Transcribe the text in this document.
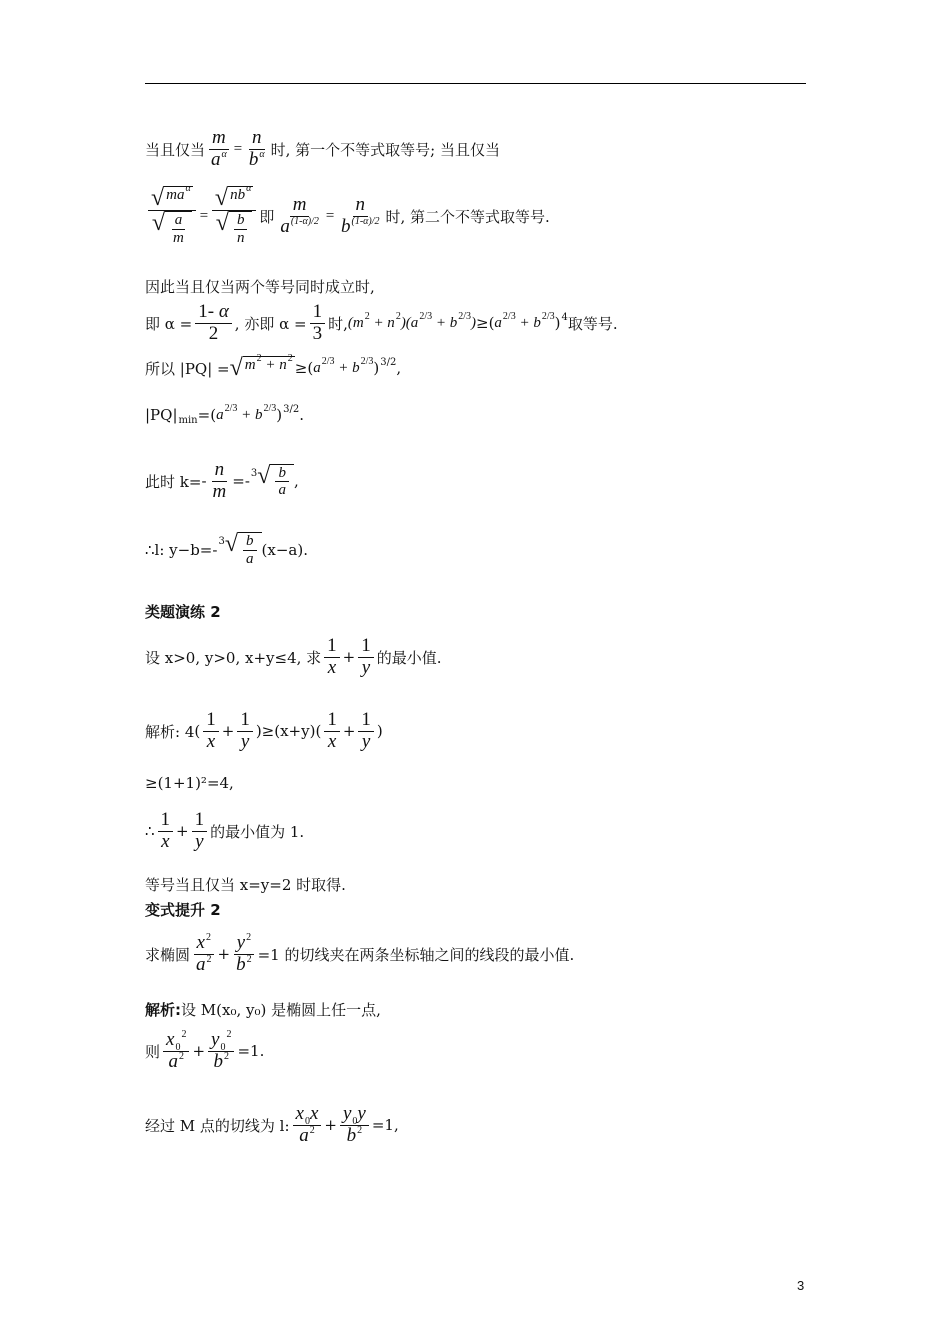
当且仅当 $\frac{m}{a^\alpha} = \frac{n}{b^\alpha}$ 时, 第一个不等式取等号; 当且仅当
$\frac{√ ma^\alpha}{√ \frac{a}{m}} = \frac{√ nb^\alpha}{√ \frac{b}{n}}$ 即 $\frac{m}{a^{(1-\alpha)/2}} = \frac{n}{b^{(1-\alpha)/2}}$ 时, 第二个不等式取等号.
因此当且仅当两个等号同时成立时,
即 $\alpha = \frac{1- \alpha}{2}$ , 亦即 $\alpha = \frac{1}{3}$ 时, $(m^2 + n^2)(a^{2/3} + b^{2/3})$ ≥( $a^{2/3} + b^{2/3}$ )$^4$ 取等号.
所以 |PQ| = √ $m^2 + n^2$
≥ ( $a^{2/3} + b^{2/3}$ )$^{3/2}$,
|PQ| min = ( $a^{2/3} + b^{2/3}$ )$^{3/2}$.
此时 $k= - \frac{n}{m} =- 3$ √ $\frac{b}{a}$ ,
∴l: y−b= - 3 √ $\frac{b}{a} (x-a)$.
类题演练 2
设 x>0, y>0, x+y≤4, 求 $\frac{1}{x} + \frac{1}{y}$ 的最小值.
解析: 4 ( $\frac{1}{x} + \frac{1}{y}$ ) ≥(x+y) ( $\frac{1}{x} + \frac{1}{y}$ )
≥(1+1)²=4,
∴ $\frac{1}{x} + \frac{1}{y}$ 的最小值为 1.
等号当且仅当 x=y=2 时取得.
变式提升 2
求椭圆 $\frac{x^2}{a^2} + \frac{y^2}{b^2} =1$ 的切线夹在两条坐标轴之间的线段的最小值.
解析: 设 M(x₀, y₀) 是椭圆上任一点,
则 $\frac{x_0^2}{a^2} + \frac{y_0^2}{b^2} =1$.
经过 M 点的切线为 l: $\frac{x_0x}{a^2} + \frac{y_0y}{b^2} =1$,
3
